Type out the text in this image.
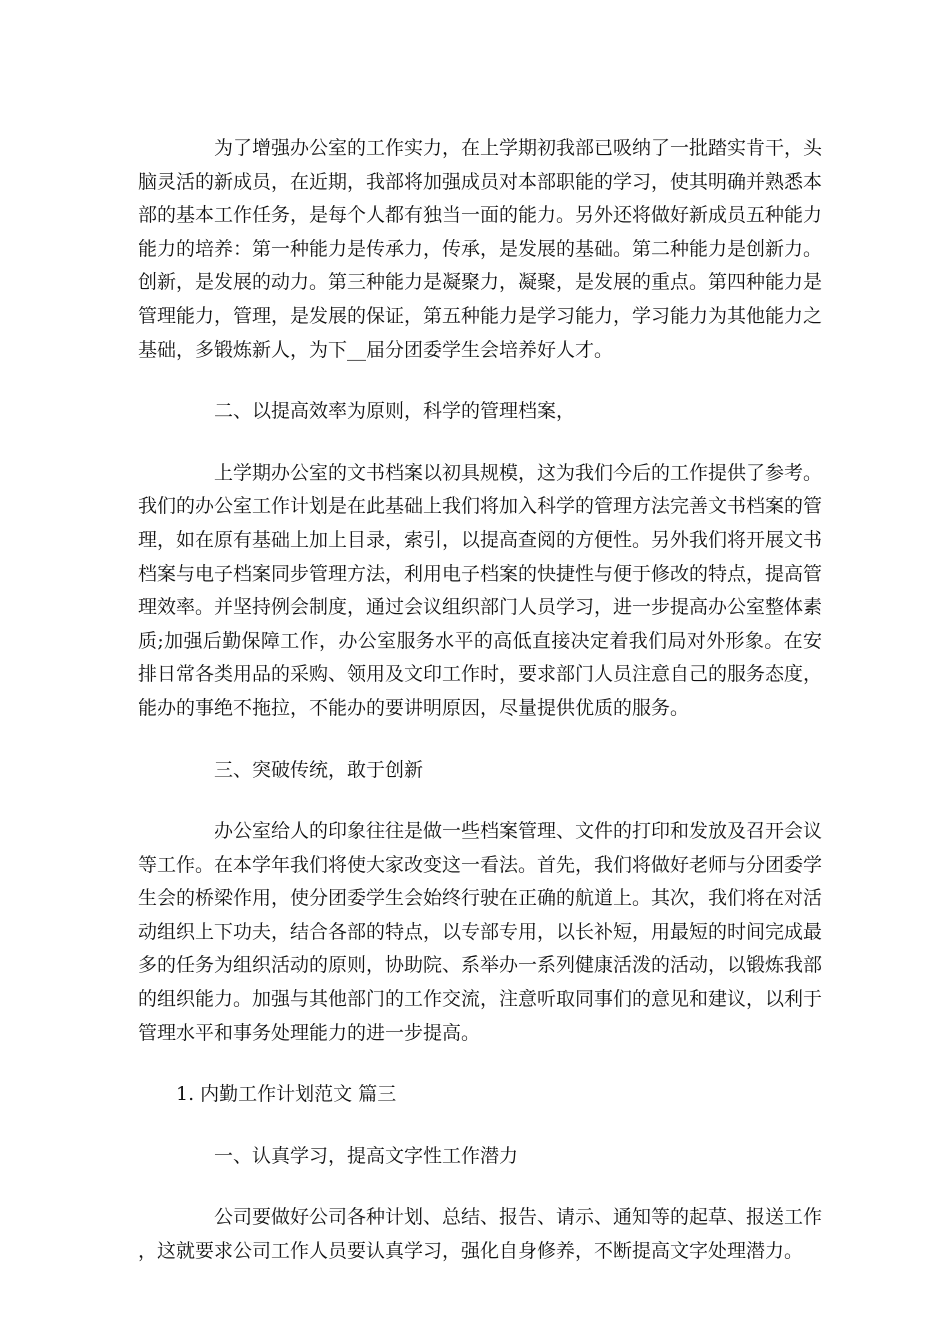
为了增强办公室的工作实力，在上学期初我部已吸纳了一批踏实肯干，头脑灵活的新成员，在近期，我部将加强成员对本部职能的学习，使其明确并熟悉本部的基本工作任务，是每个人都有独当一面的能力。另外还将做好新成员五种能力能力的培养：第一种能力是传承力，传承，是发展的基础。第二种能力是创新力。创新，是发展的动力。第三种能力是凝聚力，凝聚，是发展的重点。第四种能力是管理能力，管理，是发展的保证，第五种能力是学习能力，学习能力为其他能力之基础，多锻炼新人，为下__届分团委学生会培养好人才。

二、以提高效率为原则，科学的管理档案，

上学期办公室的文书档案以初具规模，这为我们今后的工作提供了参考。我们的办公室工作计划是在此基础上我们将加入科学的管理方法完善文书档案的管理，如在原有基础上加上目录，索引，以提高查阅的方便性。另外我们将开展文书档案与电子档案同步管理方法，利用电子档案的快捷性与便于修改的特点，提高管理效率。并坚持例会制度，通过会议组织部门人员学习，进一步提高办公室整体素质;加强后勤保障工作，办公室服务水平的高低直接决定着我们局对外形象。在安排日常各类用品的采购、领用及文印工作时，要求部门人员注意自己的服务态度，能办的事绝不拖拉，不能办的要讲明原因，尽量提供优质的服务。

三、突破传统，敢于创新

办公室给人的印象往往是做一些档案管理、文件的打印和发放及召开会议等工作。在本学年我们将使大家改变这一看法。首先，我们将做好老师与分团委学生会的桥梁作用，使分团委学生会始终行驶在正确的航道上。其次，我们将在对活动组织上下功夫，结合各部的特点，以专部专用，以长补短，用最短的时间完成最多的任务为组织活动的原则，协助院、系举办一系列健康活泼的活动，以锻炼我部的组织能力。加强与其他部门的工作交流，注意听取同事们的意见和建议，以利于管理水平和事务处理能力的进一步提高。

1. 内勤工作计划范文 篇三

一、认真学习，提高文字性工作潜力

公司要做好公司各种计划、总结、报告、请示、通知等的起草、报送工作，这就要求公司工作人员要认真学习，强化自身修养，不断提高文字处理潜力。
